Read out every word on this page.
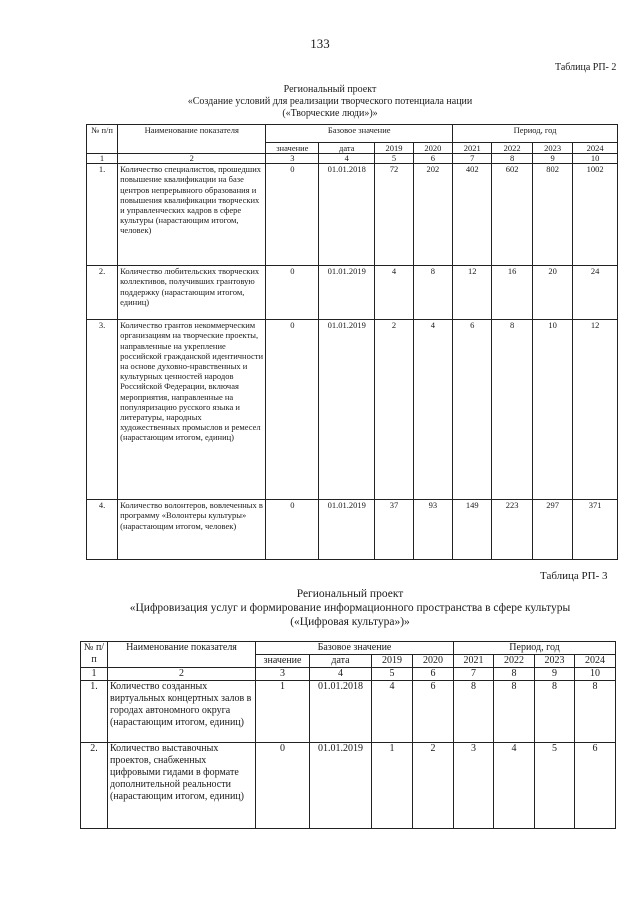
133
Таблица РП- 2
Региональный проект
«Создание условий для реализации творческого потенциала нации
(«Творческие люди»)»
№ п/п	Наименование показателя	Базовое значение				Период, год			
		значение	дата	2019	2020	2021	2022	2023	2024
1	2	3	4	5	6	7	8	9	10
1.	Количество специалистов, прошедших повышение квалификации на базе центров непрерывного образования и повышения квалификации творческих и управленческих кадров в сфере культуры (нарастающим итогом, человек)	0	01.01.2018	72	202	402	602	802	1002
2.	Количество любительских творческих коллективов, получивших грантовую поддержку (нарастающим итогом, единиц)	0	01.01.2019	4	8	12	16	20	24
3.	Количество грантов некоммерческим организациям на творческие проекты, направленные на укрепление российской гражданской идентичности на основе духовно-нравственных и культурных ценностей народов Российской Федерации, включая мероприятия, направленные на популяризацию русского языка и литературы, народных художественных промыслов и ремесел (нарастающим итогом, единиц)	0	01.01.2019	2	4	6	8	10	12
4.	Количество волонтеров, вовлеченных в программу «Волонтеры культуры» (нарастающим итогом, человек)	0	01.01.2019	37	93	149	223	297	371
Таблица РП- 3
Региональный проект
«Цифровизация услуг и формирование информационного пространства в сфере культуры
(«Цифровая культура»)»
№ п/п	Наименование показателя	Базовое значение				Период, год			
		значение	дата	2019	2020	2021	2022	2023	2024
1	2	3	4	5	6	7	8	9	10
1.	Количество созданных виртуальных концертных залов в городах автономного округа (нарастающим итогом, единиц)	1	01.01.2018	4	6	8	8	8	8
2.	Количество выставочных проектов, снабженных цифровыми гидами в формате дополнительной реальности (нарастающим итогом, единиц)	0	01.01.2019	1	2	3	4	5	6
